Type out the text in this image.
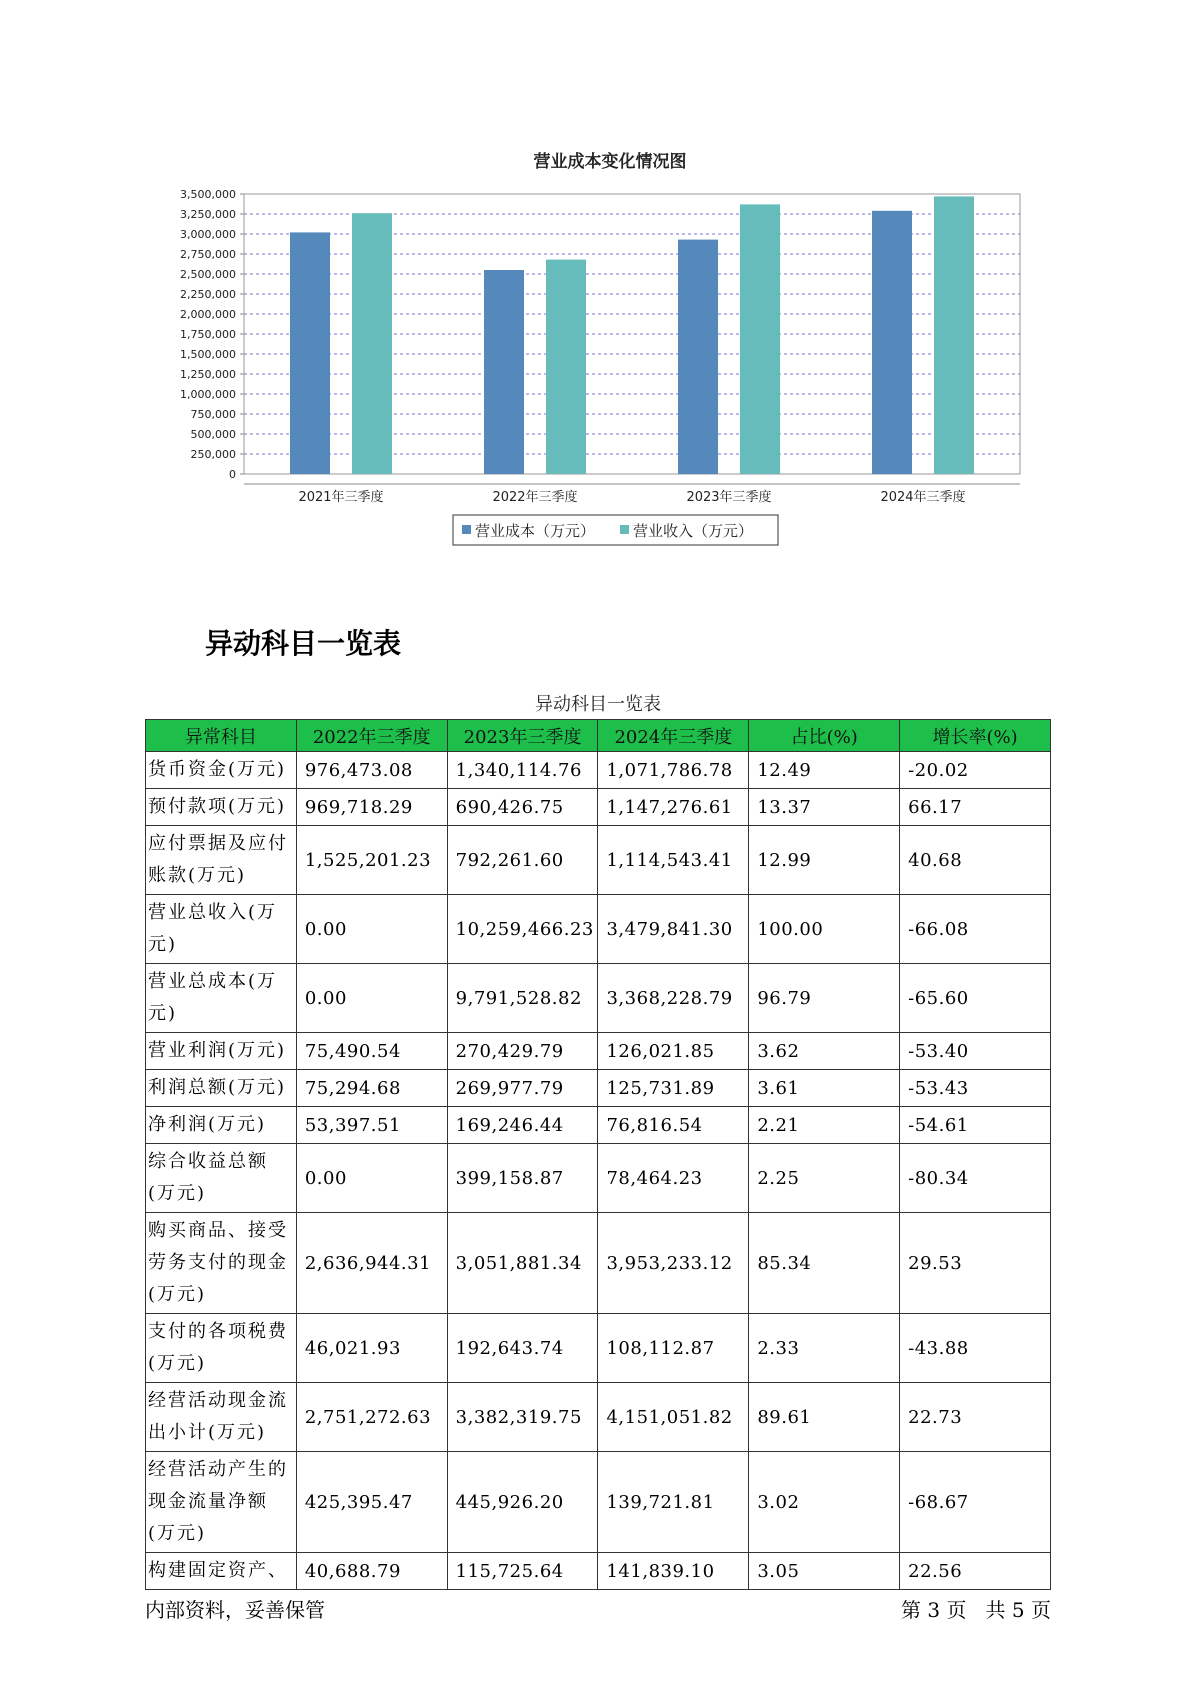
营业成本变化情况图
0
250,000
500,000
750,000
1,000,000
1,250,000
1,500,000
1,750,000
2,000,000
2,250,000
2,500,000
2,750,000
3,000,000
3,250,000
3,500,000
2021年三季度	2022年三季度	2023年三季度	2024年三季度
营业成本（万元）	营业收入（万元）
异动科目一览表
异动科目一览表
异常科目	2022年三季度	2023年三季度	2024年三季度	占比(%)	增长率(%)
货币资金(万元)	976,473.08	1,340,114.76	1,071,786.78	12.49	-20.02
预付款项(万元)	969,718.29	690,426.75	1,147,276.61	13.37	66.17
应付票据及应付账款(万元)	1,525,201.23	792,261.60	1,114,543.41	12.99	40.68
营业总收入(万元)	0.00	10,259,466.23	3,479,841.30	100.00	-66.08
营业总成本(万元)	0.00	9,791,528.82	3,368,228.79	96.79	-65.60
营业利润(万元)	75,490.54	270,429.79	126,021.85	3.62	-53.40
利润总额(万元)	75,294.68	269,977.79	125,731.89	3.61	-53.43
净利润(万元)	53,397.51	169,246.44	76,816.54	2.21	-54.61
综合收益总额(万元)	0.00	399,158.87	78,464.23	2.25	-80.34
购买商品、接受劳务支付的现金(万元)	2,636,944.31	3,051,881.34	3,953,233.12	85.34	29.53
支付的各项税费(万元)	46,021.93	192,643.74	108,112.87	2.33	-43.88
经营活动现金流出小计(万元)	2,751,272.63	3,382,319.75	4,151,051.82	89.61	22.73
经营活动产生的现金流量净额(万元)	425,395.47	445,926.20	139,721.81	3.02	-68.67
构建固定资产、	40,688.79	115,725.64	141,839.10	3.05	22.56
内部资料，妥善保管	第 3 页   共 5 页
